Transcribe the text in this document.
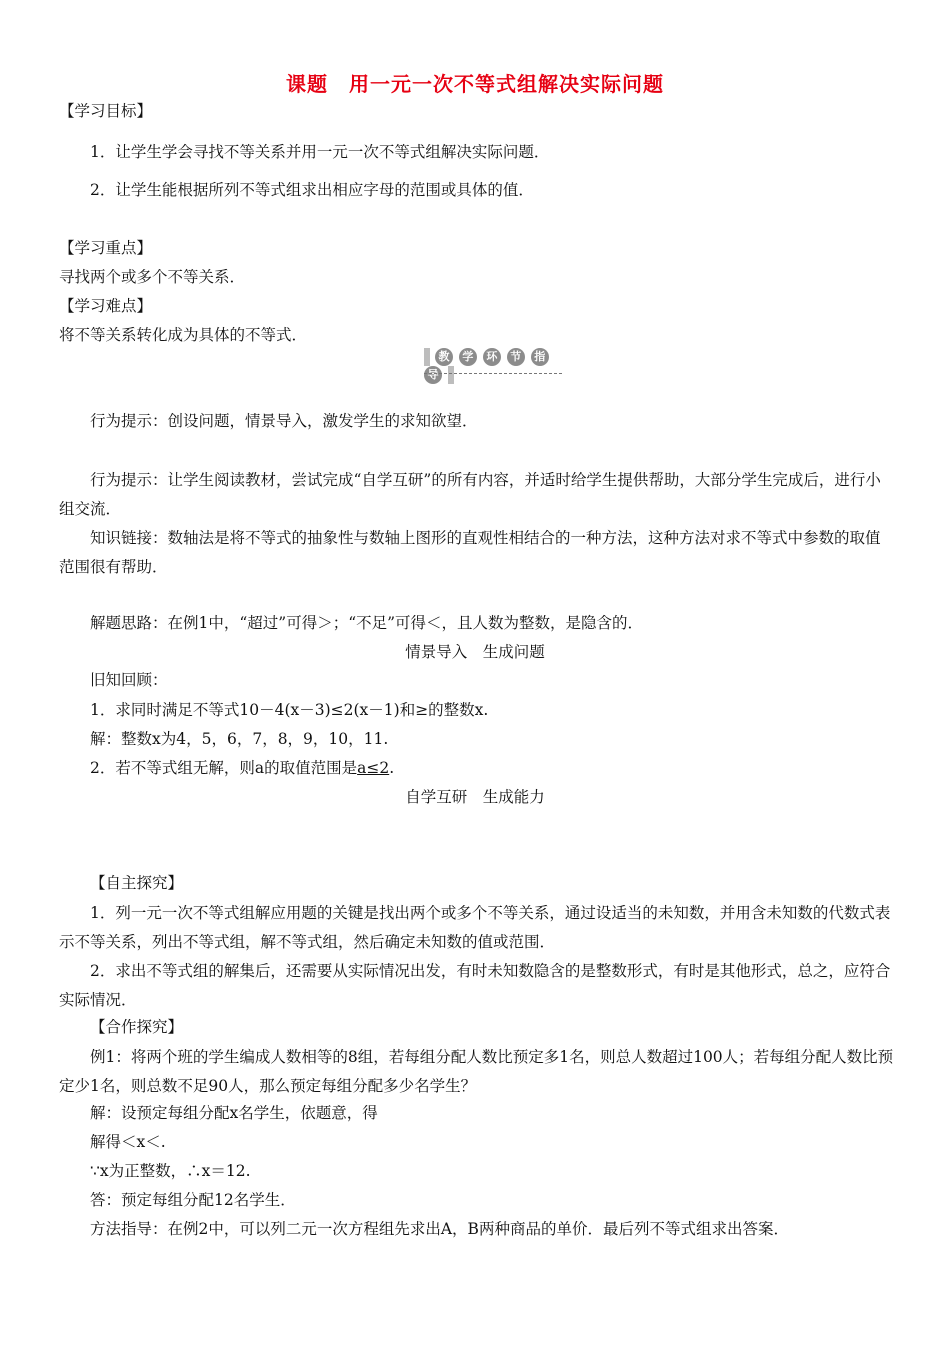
课题　用一元一次不等式组解决实际问题
【学习目标】
1．让学生学会寻找不等关系并用一元一次不等式组解决实际问题．
2．让学生能根据所列不等式组求出相应字母的范围或具体的值．
【学习重点】
寻找两个或多个不等关系．
【学习难点】
将不等关系转化成为具体的不等式．
教 学 环 节 指 导
行为提示：创设问题，情景导入，激发学生的求知欲望．
行为提示：让学生阅读教材，尝试完成“自学互研”的所有内容，并适时给学生提供帮助，大部分学生完成后，进行小组交流．
知识链接：数轴法是将不等式的抽象性与数轴上图形的直观性相结合的一种方法，这种方法对求不等式中参数的取值范围很有帮助．
解题思路：在例1中，“超过”可得＞；“不足”可得＜，且人数为整数，是隐含的．
情景导入　生成问题
旧知回顾：
1．求同时满足不等式10－4(x－3)≤2(x－1)和≥的整数x.
解：整数x为4，5，6，7，8，9，10，11.
2．若不等式组无解，则a的取值范围是a≤2.
自学互研　生成能力
【自主探究】
1．列一元一次不等式组解应用题的关键是找出两个或多个不等关系，通过设适当的未知数，并用含未知数的代数式表示不等关系，列出不等式组，解不等式组，然后确定未知数的值或范围．
2．求出不等式组的解集后，还需要从实际情况出发，有时未知数隐含的是整数形式，有时是其他形式，总之，应符合实际情况．
【合作探究】
例1：将两个班的学生编成人数相等的8组，若每组分配人数比预定多1名，则总人数超过100人；若每组分配人数比预定少1名，则总数不足90人，那么预定每组分配多少名学生？
解：设预定每组分配x名学生，依题意，得
解得＜x＜.
∵x为正整数，∴x＝12.
答：预定每组分配12名学生．
方法指导：在例2中，可以列二元一次方程组先求出A，B两种商品的单价．最后列不等式组求出答案．
